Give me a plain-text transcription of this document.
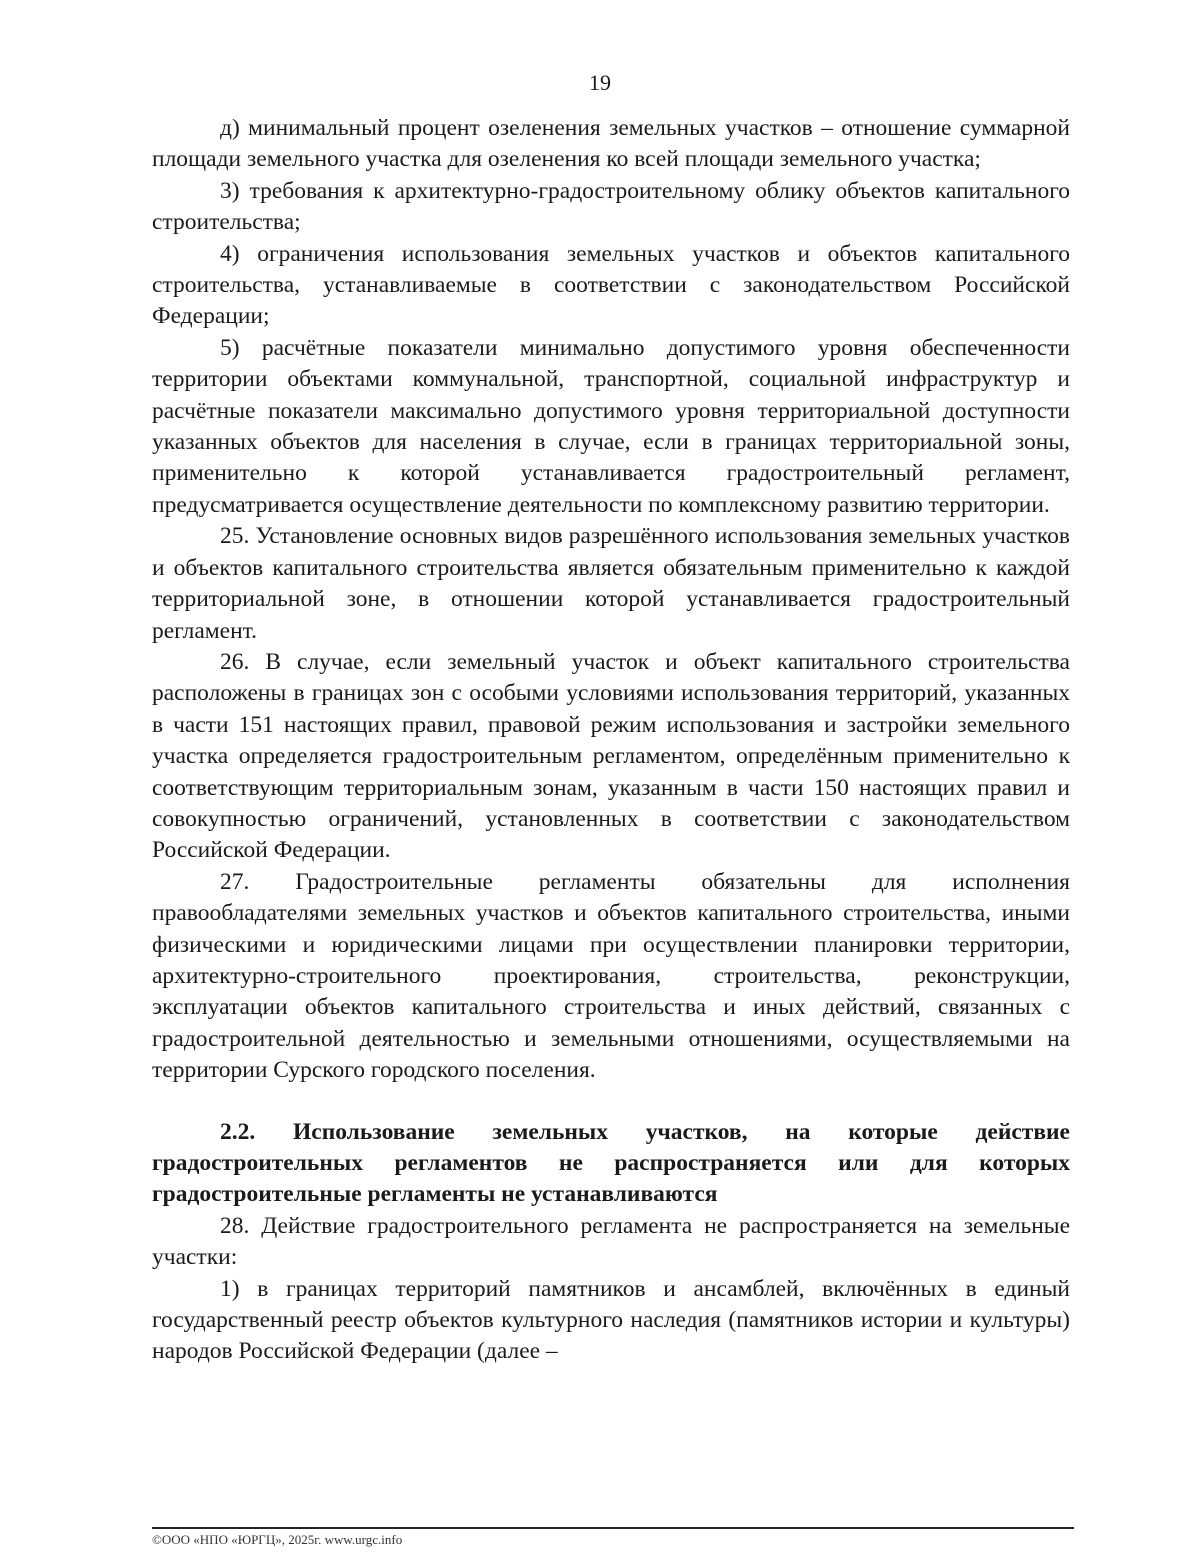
19

д) минимальный процент озеленения земельных участков – отношение суммарной площади земельного участка для озеленения ко всей площади земельного участка;

3) требования к архитектурно-градостроительному облику объектов капитального строительства;

4) ограничения использования земельных участков и объектов капитального строительства, устанавливаемые в соответствии с законодательством Российской Федерации;

5) расчётные показатели минимально допустимого уровня обеспеченности территории объектами коммунальной, транспортной, социальной инфраструктур и расчётные показатели максимально допустимого уровня территориальной доступности указанных объектов для населения в случае, если в границах территориальной зоны, применительно к которой устанавливается градостроительный регламент, предусматривается осуществление деятельности по комплексному развитию территории.

25. Установление основных видов разрешённого использования земельных участков и объектов капитального строительства является обязательным применительно к каждой территориальной зоне, в отношении которой устанавливается градостроительный регламент.

26. В случае, если земельный участок и объект капитального строительства расположены в границах зон с особыми условиями использования территорий, указанных в части 151 настоящих правил, правовой режим использования и застройки земельного участка определяется градостроительным регламентом, определённым применительно к соответствующим территориальным зонам, указанным в части 150 настоящих правил и совокупностью ограничений, установленных в соответствии с законодательством Российской Федерации.

27. Градостроительные регламенты обязательны для исполнения правообладателями земельных участков и объектов капитального строительства, иными физическими и юридическими лицами при осуществлении планировки территории, архитектурно-строительного проектирования, строительства, реконструкции, эксплуатации объектов капитального строительства и иных действий, связанных с градостроительной деятельностью и земельными отношениями, осуществляемыми на территории Сурского городского поселения.

2.2. Использование земельных участков, на которые действие градостроительных регламентов не распространяется или для которых градостроительные регламенты не устанавливаются

28. Действие градостроительного регламента не распространяется на земельные участки:

1) в границах территорий памятников и ансамблей, включённых в единый государственный реестр объектов культурного наследия (памятников истории и культуры) народов Российской Федерации (далее –

©ООО «НПО «ЮРГЦ», 2025г. www.urgc.info
